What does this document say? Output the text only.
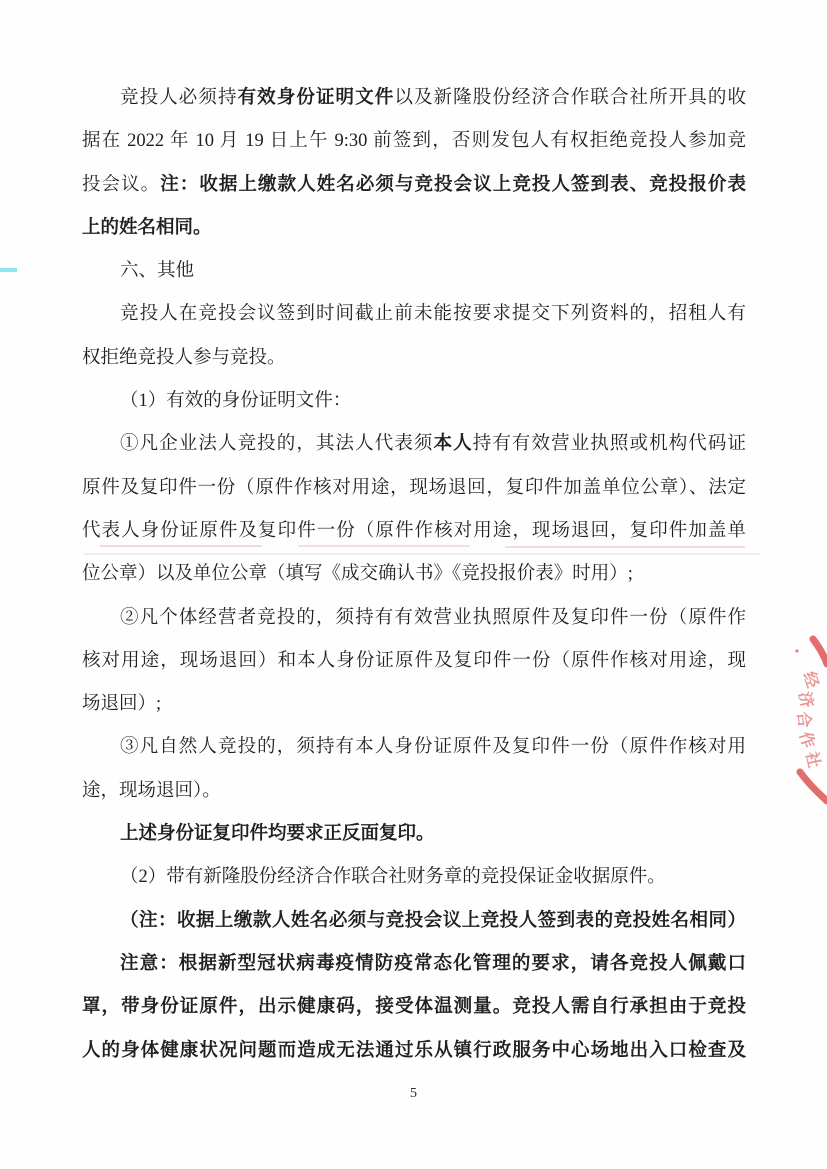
竞投人必须持有效身份证明文件以及新隆股份经济合作联合社所开具的收
据在 2022 年 10 月 19 日上午 9:30 前签到，否则发包人有权拒绝竞投人参加竞
投会议。注：收据上缴款人姓名必须与竞投会议上竞投人签到表、竞投报价表
上的姓名相同。
六、其他
竞投人在竞投会议签到时间截止前未能按要求提交下列资料的，招租人有
权拒绝竞投人参与竞投。
（1）有效的身份证明文件：
①凡企业法人竞投的，其法人代表须本人持有有效营业执照或机构代码证
原件及复印件一份（原件作核对用途，现场退回，复印件加盖单位公章）、法定
代表人身份证原件及复印件一份（原件作核对用途，现场退回，复印件加盖单
位公章）以及单位公章（填写《成交确认书》《竞投报价表》时用）;
②凡个体经营者竞投的，须持有有效营业执照原件及复印件一份（原件作
核对用途，现场退回）和本人身份证原件及复印件一份（原件作核对用途，现
场退回）;
③凡自然人竞投的，须持有本人身份证原件及复印件一份（原件作核对用
途，现场退回）。
上述身份证复印件均要求正反面复印。
（2）带有新隆股份经济合作联合社财务章的竞投保证金收据原件。
（注：收据上缴款人姓名必须与竞投会议上竞投人签到表的竞投姓名相同）
注意：根据新型冠状病毒疫情防疫常态化管理的要求，请各竞投人佩戴口
罩，带身份证原件，出示健康码，接受体温测量。竞投人需自行承担由于竞投
人的身体健康状况问题而造成无法通过乐从镇行政服务中心场地出入口检查及
经
济
合
作
社
5
